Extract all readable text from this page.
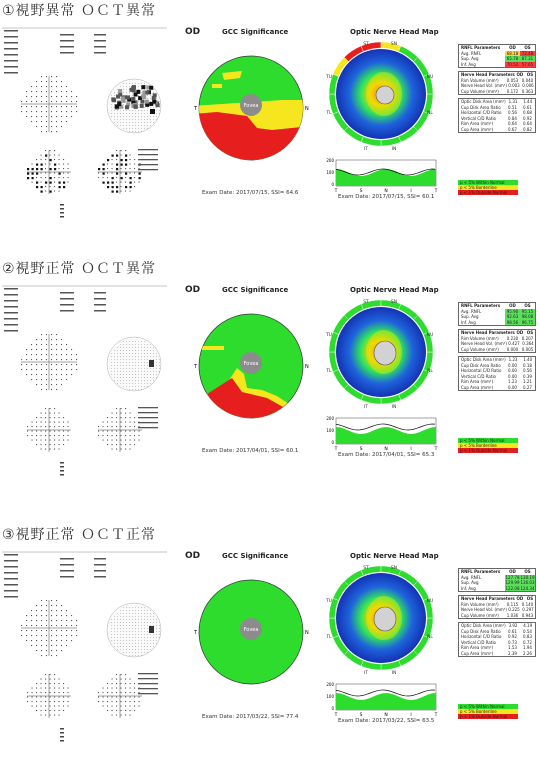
①視野異常 ＯＣＴ異常
OD	GCC Significance
Fovea
T	N
Exam Date: 2017/07/15, SSI= 64.6
Optic Nerve Head Map
ST	SN
TU	NU
TL	NL
IT	IN
200
100
0
T	S	N	I	T
Exam Date: 2017/07/15, SSI= 60.1
RNFL Parameters	OD	OS
Avg. RNFL	68.18 72.48
Sup. Avg	65.78 87.31
Inf. Avg	70.52 57.65
Nerve Head Parameters OD OS
Rim Volume (mm³)	0.053 0.040
Nerve Head Vol. (mm³) 0.003 0.006
Cup Volume (mm³)	0.172 0.363
Optic Disk Area (mm²) 1.31	1.44
Cup Disk Area Ratio	0.51	0.61
Horizontal C/D Ratio	0.56	0.68
Vertical C/D Ratio	0.84	0.92
Rim Area (mm²)	0.64	0.64
Cup Area (mm²)	0.67	0.82
p < 5% Within Normal
p < 5% Borderline
p < 1% Outside Normal
②視野正常 ＯＣＴ異常
OD	GCC Significance
Fovea
T	N
Exam Date: 2017/04/01, SSI= 60.1
Optic Nerve Head Map
ST	SN
TU	NU
TL	NL
IT	IN
200
100
0
T	S	N	I	T
Exam Date: 2017/04/01, SSI= 65.3
RNFL Parameters	OD	OS
Avg. RNFL	95.90 95.15
Sup. Avg	92.63 98.08
Inf. Avg	98.56 96.75
Nerve Head Parameters OD OS
Rim Volume (mm³)	0.230 0.207
Nerve Head Vol. (mm³) 0.427 0.364
Cup Volume (mm³)	0.000 0.005
Optic Disk Area (mm²) 1.23	1.40
Cup Disk Area Ratio	0.00	0.18
Horizontal C/D Ratio	0.00	0.56
Vertical C/D Ratio	0.00	0.39
Rim Area (mm²)	1.23	1.21
Cup Area (mm²)	0.00	0.27
p < 5% Within Normal
p < 5% Borderline
p < 1% Outside Normal
③視野正常 ＯＣＴ正常
OD	GCC Significance
Fovea
T	N
Exam Date: 2017/03/22, SSI= 77.4
Optic Nerve Head Map
ST	SN
TU	NU
TL	NL
IT	IN
200
100
0
T	S	N	I	T
Exam Date: 2017/03/22, SSI= 63.5
RNFL Parameters	OD	OS
Avg. RNFL	127.78 130.19
Sup. Avg	129.99 136.03
Inf. Avg	122.08 124.34
Nerve Head Parameters OD OS
Rim Volume (mm³)	0.115 0.140
Nerve Head Vol. (mm³) 0.225 0.297
Cup Volume (mm³)	1.036 0.943
Optic Disk Area (mm²) 3.92	4.19
Cup Disk Area Ratio	0.61	0.54
Horizontal C/D Ratio	0.92	0.83
Vertical C/D Ratio	0.73	0.72
Rim Area (mm²)	1.53	1.94
Cup Area (mm²)	2.39	2.26
p < 5% Within Normal
p < 5% Borderline
p < 1% Outside Normal
